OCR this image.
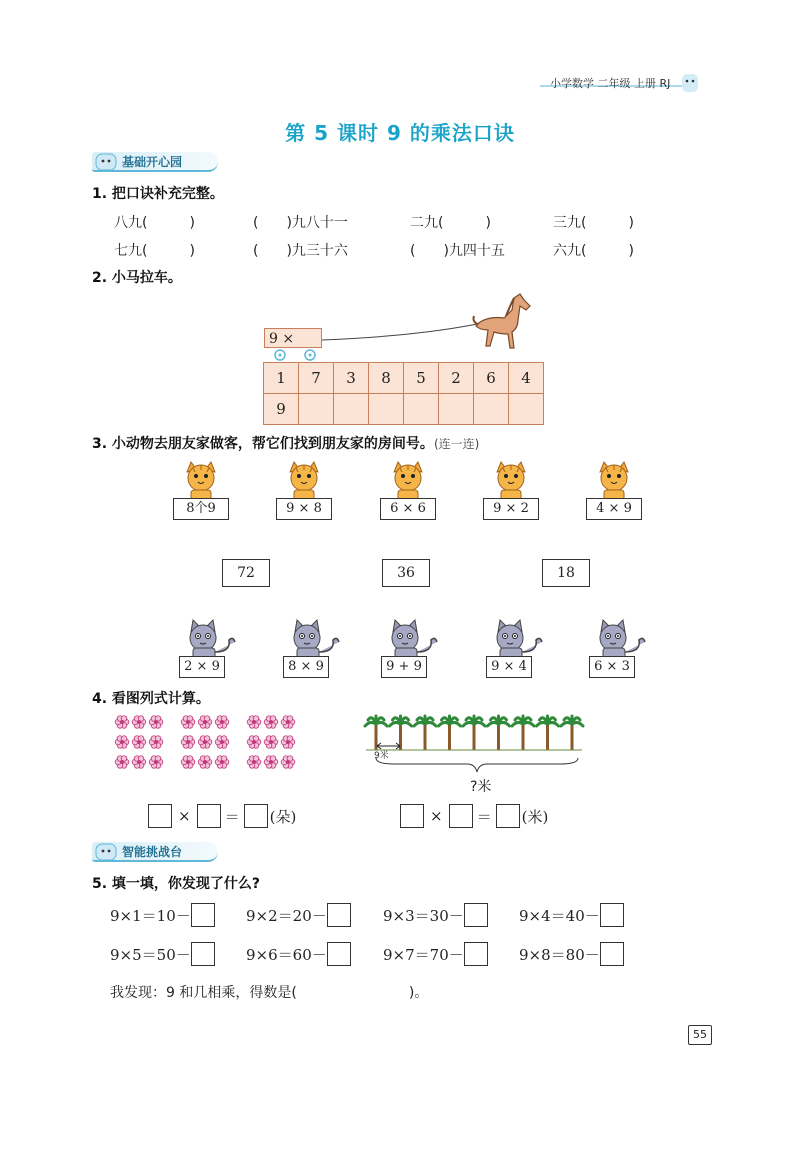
小学数学 二年级 上册 RJ
第 5 课时 9 的乘法口诀
基础开心园
1. 把口诀补充完整。
八九(　　　)	(　　)九八十一	二九(　　　)	三九(　　　)
七九(　　　)	(　　)九三十六	(　　)九四十五	六九(　　　)
2. 小马拉车。
9 ×
1	7	3	8	5	2	6	4
9							
3. 小动物去朋友家做客，帮它们找到朋友家的房间号。(连一连)
8个9	9 × 8	6 × 6	9 × 2	4 × 9
72	36	18
2 × 9	8 × 9	9 + 9	9 × 4	6 × 3
4. 看图列式计算。
9米
?米
× ＝ (朵)	× ＝ (米)
智能挑战台
5. 填一填，你发现了什么?
9×1＝10－	9×2＝20－	9×3＝30－	9×4＝40－
9×5＝50－	9×6＝60－	9×7＝70－	9×8＝80－
我发现：9 和几相乘，得数是(　　　　　　　　)。
55
